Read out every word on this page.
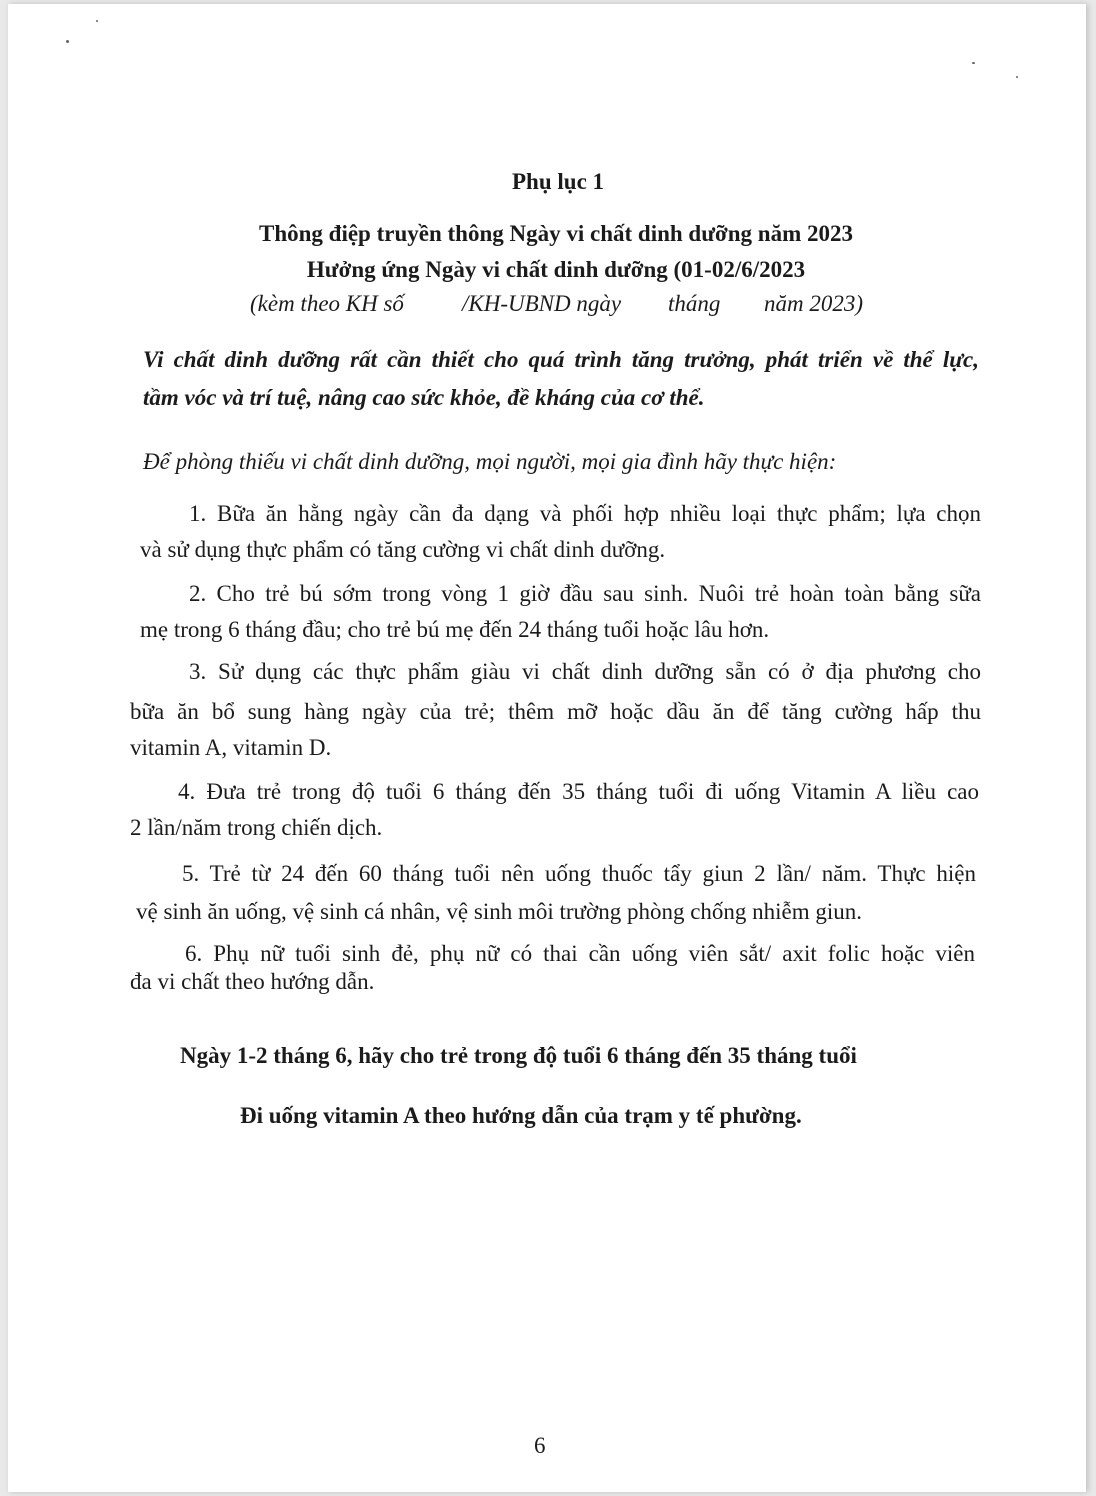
Phụ lục 1
Thông điệp truyền thông Ngày vi chất dinh dưỡng năm 2023
Hưởng ứng Ngày vi chất dinh dưỡng (01-02/6/2023
(kèm theo KH số	/KH-UBND ngày tháng năm 2023)
Vi chất dinh dưỡng rất cần thiết cho quá trình tăng trưởng, phát triển về thể lực,
tầm vóc và trí tuệ, nâng cao sức khỏe, đề kháng của cơ thể.
Để phòng thiếu vi chất dinh dưỡng, mọi người, mọi gia đình hãy thực hiện:
1. Bữa ăn hằng ngày cần đa dạng và phối hợp nhiều loại thực phẩm; lựa chọn
và sử dụng thực phẩm có tăng cường vi chất dinh dưỡng.
2. Cho trẻ bú sớm trong vòng 1 giờ đầu sau sinh. Nuôi trẻ hoàn toàn bằng sữa
mẹ trong 6 tháng đầu; cho trẻ bú mẹ đến 24 tháng tuổi hoặc lâu hơn.
3. Sử dụng các thực phẩm giàu vi chất dinh dưỡng sẵn có ở địa phương cho
bữa ăn bổ sung hàng ngày của trẻ; thêm mỡ hoặc dầu ăn để tăng cường hấp thu
vitamin A, vitamin D.
4. Đưa trẻ trong độ tuổi 6 tháng đến 35 tháng tuổi đi uống Vitamin A liều cao
2 lần/năm trong chiến dịch.
5. Trẻ từ 24 đến 60 tháng tuổi nên uống thuốc tẩy giun 2 lần/ năm. Thực hiện
vệ sinh ăn uống, vệ sinh cá nhân, vệ sinh môi trường phòng chống nhiễm giun.
6. Phụ nữ tuổi sinh đẻ, phụ nữ có thai cần uống viên sắt/ axit folic hoặc viên
đa vi chất theo hướng dẫn.
Ngày 1-2 tháng 6, hãy cho trẻ trong độ tuổi 6 tháng đến 35 tháng tuổi
Đi uống vitamin A theo hướng dẫn của trạm y tế phường.
6
